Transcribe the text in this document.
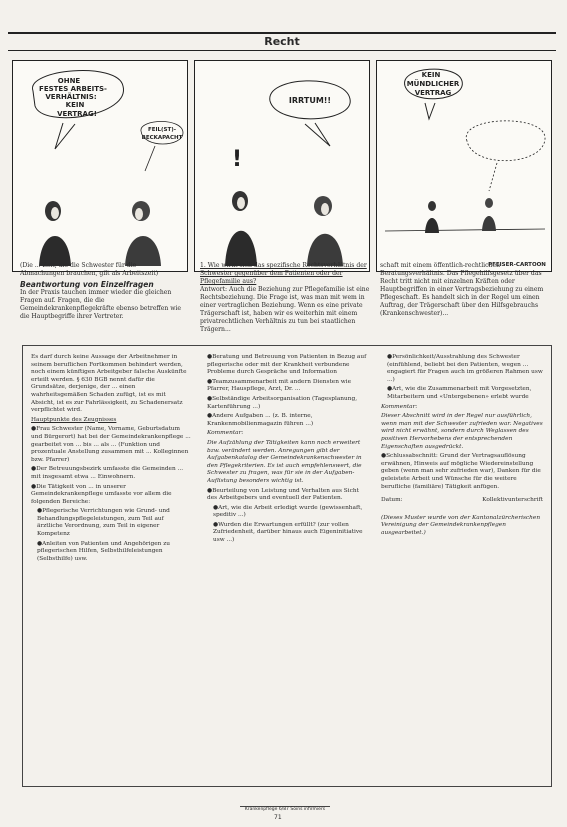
Recht
OHNE
FESTES ARBEITS-
VERHÄLTNIS:
KEIN
VERTRAG!
FEIL(ST)-
BECKAPACHT
IRRTUM!!
!
KEIN
MÜNDLICHER
VERTRAG
PFEISER-CARTOON

(Die ... Zeit, die die Schwester für die Abmachungen brauchen, gilt als Arbeitszeit)

Beantwortung von Einzelfragen

In der Praxis tauchen immer wieder die gleichen Fragen auf. Fragen, die die Gemeindekrankenpflegekräfte ebenso betreffen wie die Hauptbegriffe ihrer Vertreter.

1. Wie wirkt sich das spezifische Rechtsverhältnis der Schwester gegenüber dem Patienten oder der Pflegefamilie aus?

Antwort: Auch die Beziehung zur Pflegefamilie ist eine Rechtsbeziehung. Die Frage ist, was man mit wem in einer vertraglichen Beziehung. Wenn es eine private Trägerschaft ist, haben wir es weiterhin mit einem privatrechtlichen Verhältnis zu tun bei staatlichen Trägern...

schaft mit einem öffentlich-rechtlichen Beratungsverhältnis. Das Pflegehilfsgesetz über das Recht tritt nicht mit einzelnen Kräften oder Hauptbegriffen in einer Vertragsbeziehung zu einem Pflegeschaft. Es handelt sich in der Regel um einen Auftrag, der Trägerschaft über den Hilfsgebrauchs (Krankenschwester)...

Es darf durch keine Aussage der Arbeitnehmer in seinem beruflichen Fortkommen behindert werden, noch einem künftigen Arbeitgeber falsche Auskünfte erteilt werden. § 630 BGB nennt dafür die Grundsätze, derjenige, der ... einen wahrheitsgemäßen Schaden zufügt, ist es mit Absicht, ist es zur Fahrlässigkeit, zu Schadenersatz verpflichtet wird.

Hauptpunkte des Zeugnisses

● Frau Schwester (Name, Vorname, Geburtsdatum und Bürgerort) hat bei der Gemeindekrankenpflege ... gearbeitet von ... bis ... als ... (Funktion und prozentuale Anstellung zusammen mit ... Kolleginnen bzw. Pfarrer)

● Der Betreuungsbezirk umfasste die Gemeinden ... mit insgesamt etwa ... Einwohnern.

● Die Tätigkeit von ... in unserer Gemeindekrankenpflege umfasste vor allem die folgenden Bereiche:

● Pflegerische Verrichtungen wie Grund- und Behandlungspflegeleistungen, zum Teil auf ärztliche Verordnung, zum Teil in eigener Kompetenz

● Anleiten von Patienten und Angehörigen zu pflegerischen Hilfen, Selbsthilfeleistungen (Selbsthilfe) usw.

● Beratung und Betreuung von Patienten in Bezug auf pflegerische oder mit der Krankheit verbundene Probleme durch Gespräche und Information

● Teamzusammenarbeit mit andern Diensten wie Pfarrer, Hauspflege, Arzt, Dr. ...

● Selbständige Arbeitsorganisation (Tagesplanung, Kartenführung ...)

● Andere Aufgaben ... (z. B. interne, Krankenmobilienmagazin führen ...)

Kommentar:

Die Aufzählung der Tätigkeiten kann noch erweitert bzw. verändert werden. Anregungen gibt der Aufgabenkatalog der Gemeindekrankenschwester in den Pflegekriterien. Es ist auch empfehlenswert, die Schwester zu fragen, was für sie in der Aufgaben-Auflistung besonders wichtig ist.

● Beurteilung von Leistung und Verhalten aus Sicht des Arbeitgebers und eventuell der Patienten.

● Art, wie die Arbeit erledigt wurde (gewissenhaft, speditiv ...)

● Wurden die Erwartungen erfüllt? (zur vollen Zufriedenheit, darüber hinaus auch Eigeninitiative usw ...)

● Persönlichkeit/Ausstrahlung des Schwester (einfühlend, beliebt bei den Patienten, wegen ... engagiert für Fragen auch im größeren Rahmen usw ...)

● Art, wie die Zusammenarbeit mit Vorgesetzten, Mitarbeitern und «Untergebenen» erlebt wurde

Kommentar:

Dieser Abschnitt wird in der Regel nur ausführlich, wenn man mit der Schwester zufrieden war. Negatives wird nicht erwähnt, sondern durch Weglassen des positiven Hervorhebens der entsprechenden Eigenschaften ausgedrückt.

● Schlussabschnitt: Grund der Vertragsauflösung erwähnen, Hinweis auf mögliche Wiedereinstellung geben (wenn man sehr zufrieden war), Danken für die geleistete Arbeit und Wünsche für die weitere berufliche (familiäre) Tätigkeit anfügen.

Datum:	Kollektivunterschrift

(Dieses Muster wurde von der Kantonalzürcherischen Vereinigung der Gemeindekrankenpflegen ausgearbeitet.)

Krankenpflege 6/87 Soins infirmiers
71
